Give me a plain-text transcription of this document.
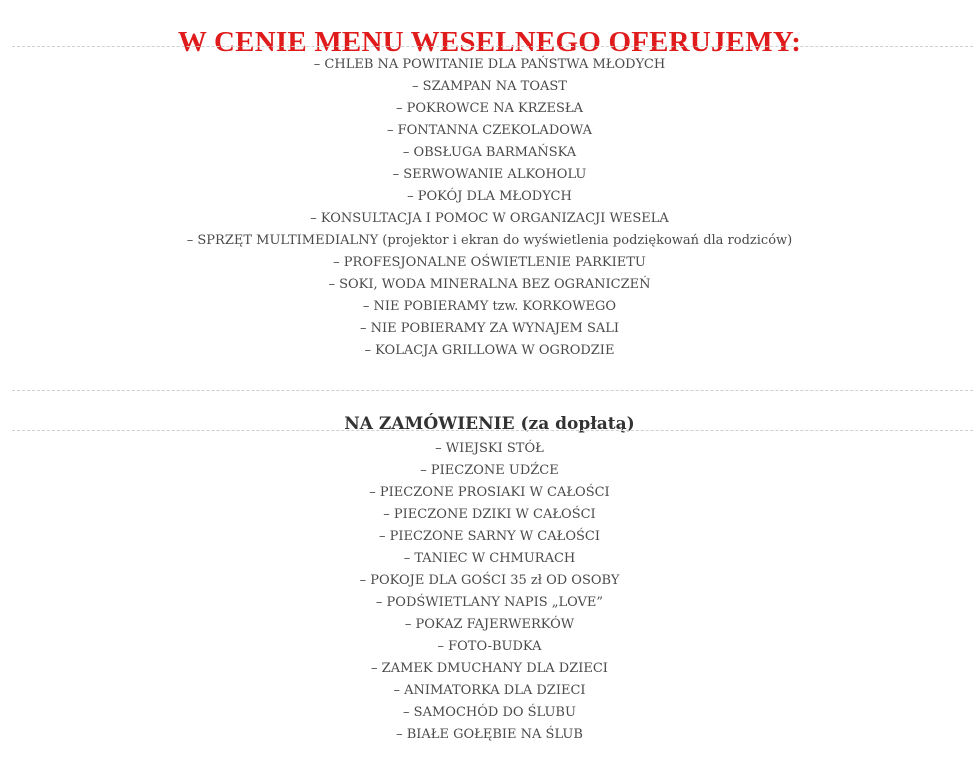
W CENIE MENU WESELNEGO OFERUJEMY:
– CHLEB NA POWITANIE DLA PAŃSTWA MŁODYCH
– SZAMPAN NA TOAST
– POKROWCE NA KRZESŁA
– FONTANNA CZEKOLADOWA
– OBSŁUGA BARMAŃSKA
– SERWOWANIE ALKOHOLU
– POKÓJ DLA MŁODYCH
– KONSULTACJA I POMOC W ORGANIZACJI WESELA
– SPRZĘT MULTIMEDIALNY (projektor i ekran do wyświetlenia podziękowań dla rodziców)
– PROFESJONALNE OŚWIETLENIE PARKIETU
– SOKI, WODA MINERALNA BEZ OGRANICZEŃ
– NIE POBIERAMY tzw. KORKOWEGO
– NIE POBIERAMY ZA WYNAJEM SALI
– KOLACJA GRILLOWA W OGRODZIE
NA ZAMÓWIENIE (za dopłatą)
– WIEJSKI STÓŁ
– PIECZONE UDŹCE
– PIECZONE PROSIAKI W CAŁOŚCI
– PIECZONE DZIKI W CAŁOŚCI
– PIECZONE SARNY W CAŁOŚCI
– TANIEC W CHMURACH
– POKOJE DLA GOŚCI 35 zł OD OSOBY
– PODŚWIETLANY NAPIS „LOVE”
– POKAZ FAJERWERKÓW
– FOTO-BUDKA
– ZAMEK DMUCHANY DLA DZIECI
– ANIMATORKA DLA DZIECI
– SAMOCHÓD DO ŚLUBU
– BIAŁE GOŁĘBIE NA ŚLUB
